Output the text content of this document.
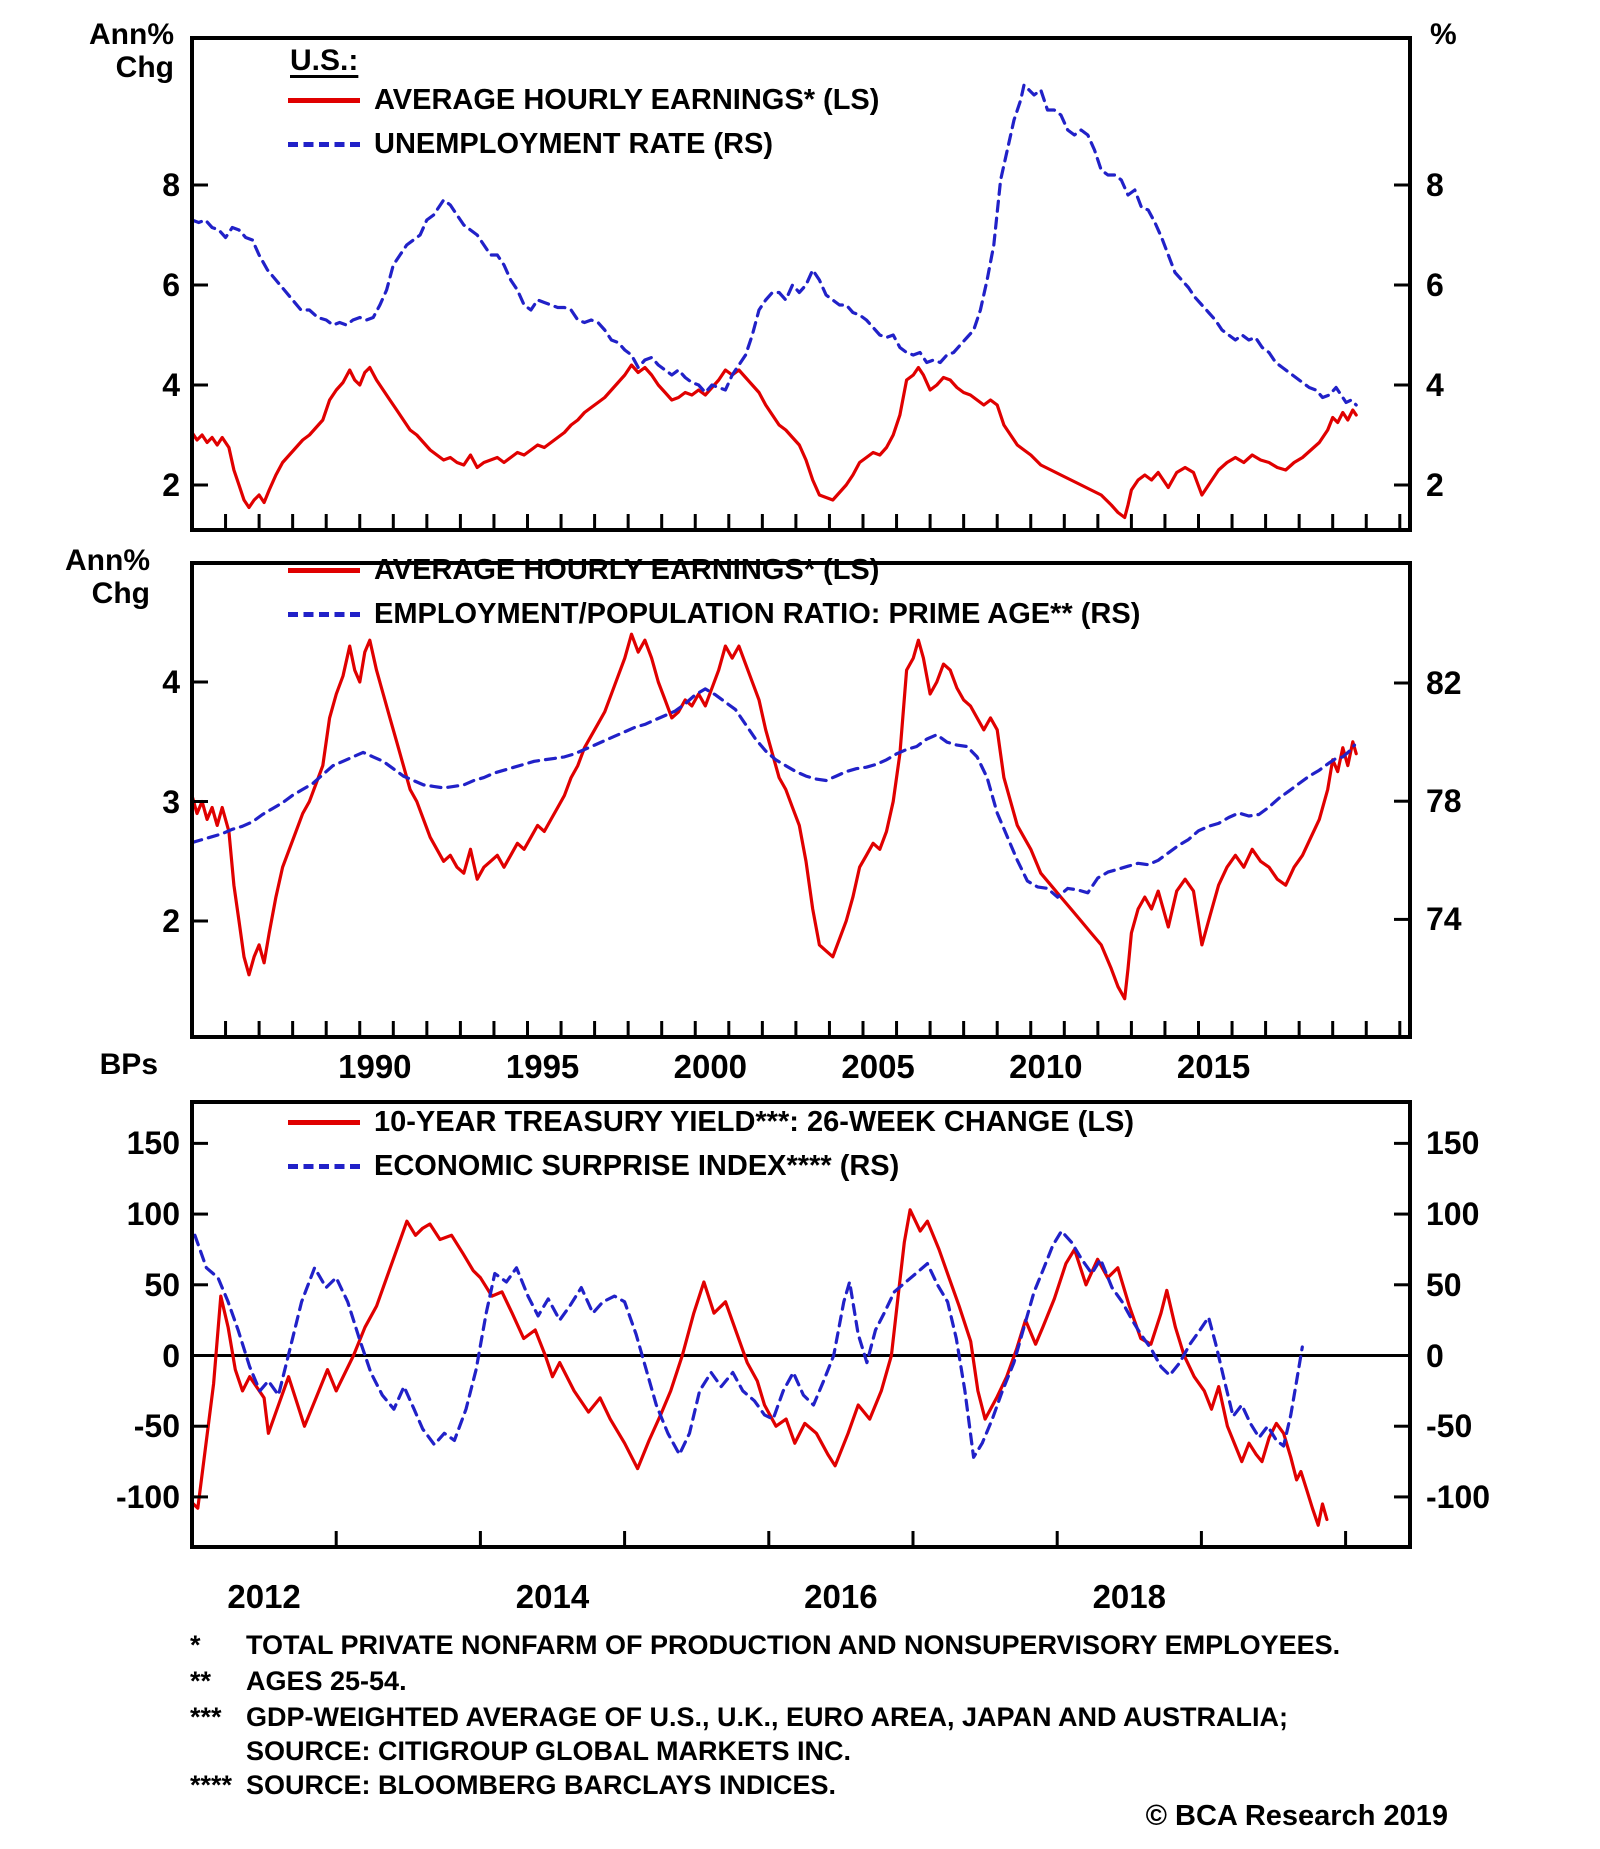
Ann%
Chg
%
Ann%
Chg
BPs
U.S.:
AVERAGE HOURLY EARNINGS* (LS)
UNEMPLOYMENT RATE (RS)
AVERAGE HOURLY EARNINGS* (LS)
EMPLOYMENT/POPULATION RATIO: PRIME AGE** (RS)
10-YEAR TREASURY YIELD***: 26-WEEK CHANGE (LS)
ECONOMIC SURPRISE INDEX**** (RS)
* TOTAL PRIVATE NONFARM OF PRODUCTION AND NONSUPERVISORY EMPLOYEES.
** AGES 25-54.
*** GDP-WEIGHTED AVERAGE OF U.S., U.K., EURO AREA, JAPAN AND AUSTRALIA;
SOURCE: CITIGROUP GLOBAL MARKETS INC.
**** SOURCE: BLOOMBERG BARCLAYS INDICES.
© BCA Research 2019
8
6
4
2
8
6
4
2
4
3
2
82
78
74
1990	1995	2000	2005	2010	2015
150
100
50
0
-50
-100
150
100
50
0
-50
-100
2012	2014	2016	2018
